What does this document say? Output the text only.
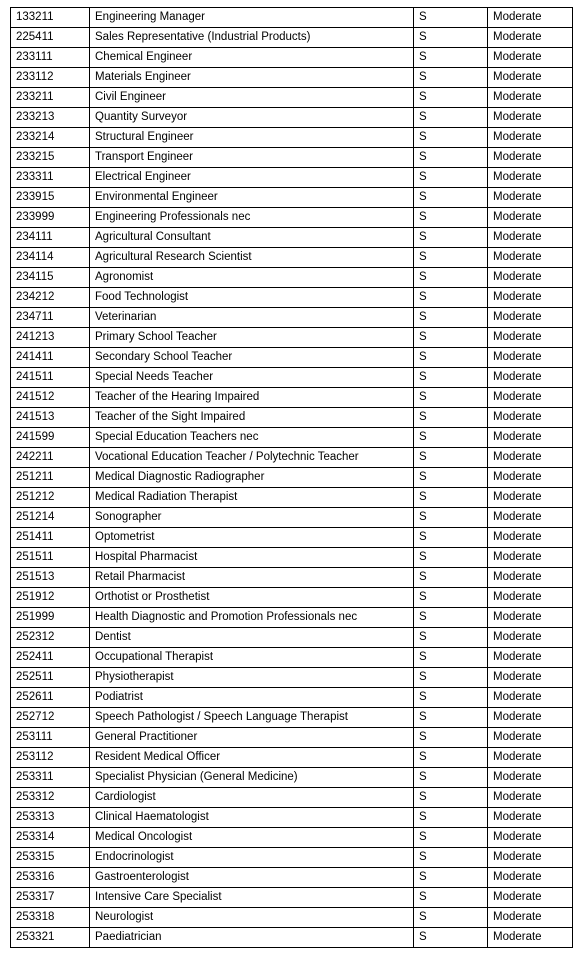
133211	Engineering Manager	S	Moderate
225411	Sales Representative (Industrial Products)	S	Moderate
233111	Chemical Engineer	S	Moderate
233112	Materials Engineer	S	Moderate
233211	Civil Engineer	S	Moderate
233213	Quantity Surveyor	S	Moderate
233214	Structural Engineer	S	Moderate
233215	Transport Engineer	S	Moderate
233311	Electrical Engineer	S	Moderate
233915	Environmental Engineer	S	Moderate
233999	Engineering Professionals nec	S	Moderate
234111	Agricultural Consultant	S	Moderate
234114	Agricultural Research Scientist	S	Moderate
234115	Agronomist	S	Moderate
234212	Food Technologist	S	Moderate
234711	Veterinarian	S	Moderate
241213	Primary School Teacher	S	Moderate
241411	Secondary School Teacher	S	Moderate
241511	Special Needs Teacher	S	Moderate
241512	Teacher of the Hearing Impaired	S	Moderate
241513	Teacher of the Sight Impaired	S	Moderate
241599	Special Education Teachers nec	S	Moderate
242211	Vocational Education Teacher / Polytechnic Teacher	S	Moderate
251211	Medical Diagnostic Radiographer	S	Moderate
251212	Medical Radiation Therapist	S	Moderate
251214	Sonographer	S	Moderate
251411	Optometrist	S	Moderate
251511	Hospital Pharmacist	S	Moderate
251513	Retail Pharmacist	S	Moderate
251912	Orthotist or Prosthetist	S	Moderate
251999	Health Diagnostic and Promotion Professionals nec	S	Moderate
252312	Dentist	S	Moderate
252411	Occupational Therapist	S	Moderate
252511	Physiotherapist	S	Moderate
252611	Podiatrist	S	Moderate
252712	Speech Pathologist / Speech Language Therapist	S	Moderate
253111	General Practitioner	S	Moderate
253112	Resident Medical Officer	S	Moderate
253311	Specialist Physician (General Medicine)	S	Moderate
253312	Cardiologist	S	Moderate
253313	Clinical Haematologist	S	Moderate
253314	Medical Oncologist	S	Moderate
253315	Endocrinologist	S	Moderate
253316	Gastroenterologist	S	Moderate
253317	Intensive Care Specialist	S	Moderate
253318	Neurologist	S	Moderate
253321	Paediatrician	S	Moderate
